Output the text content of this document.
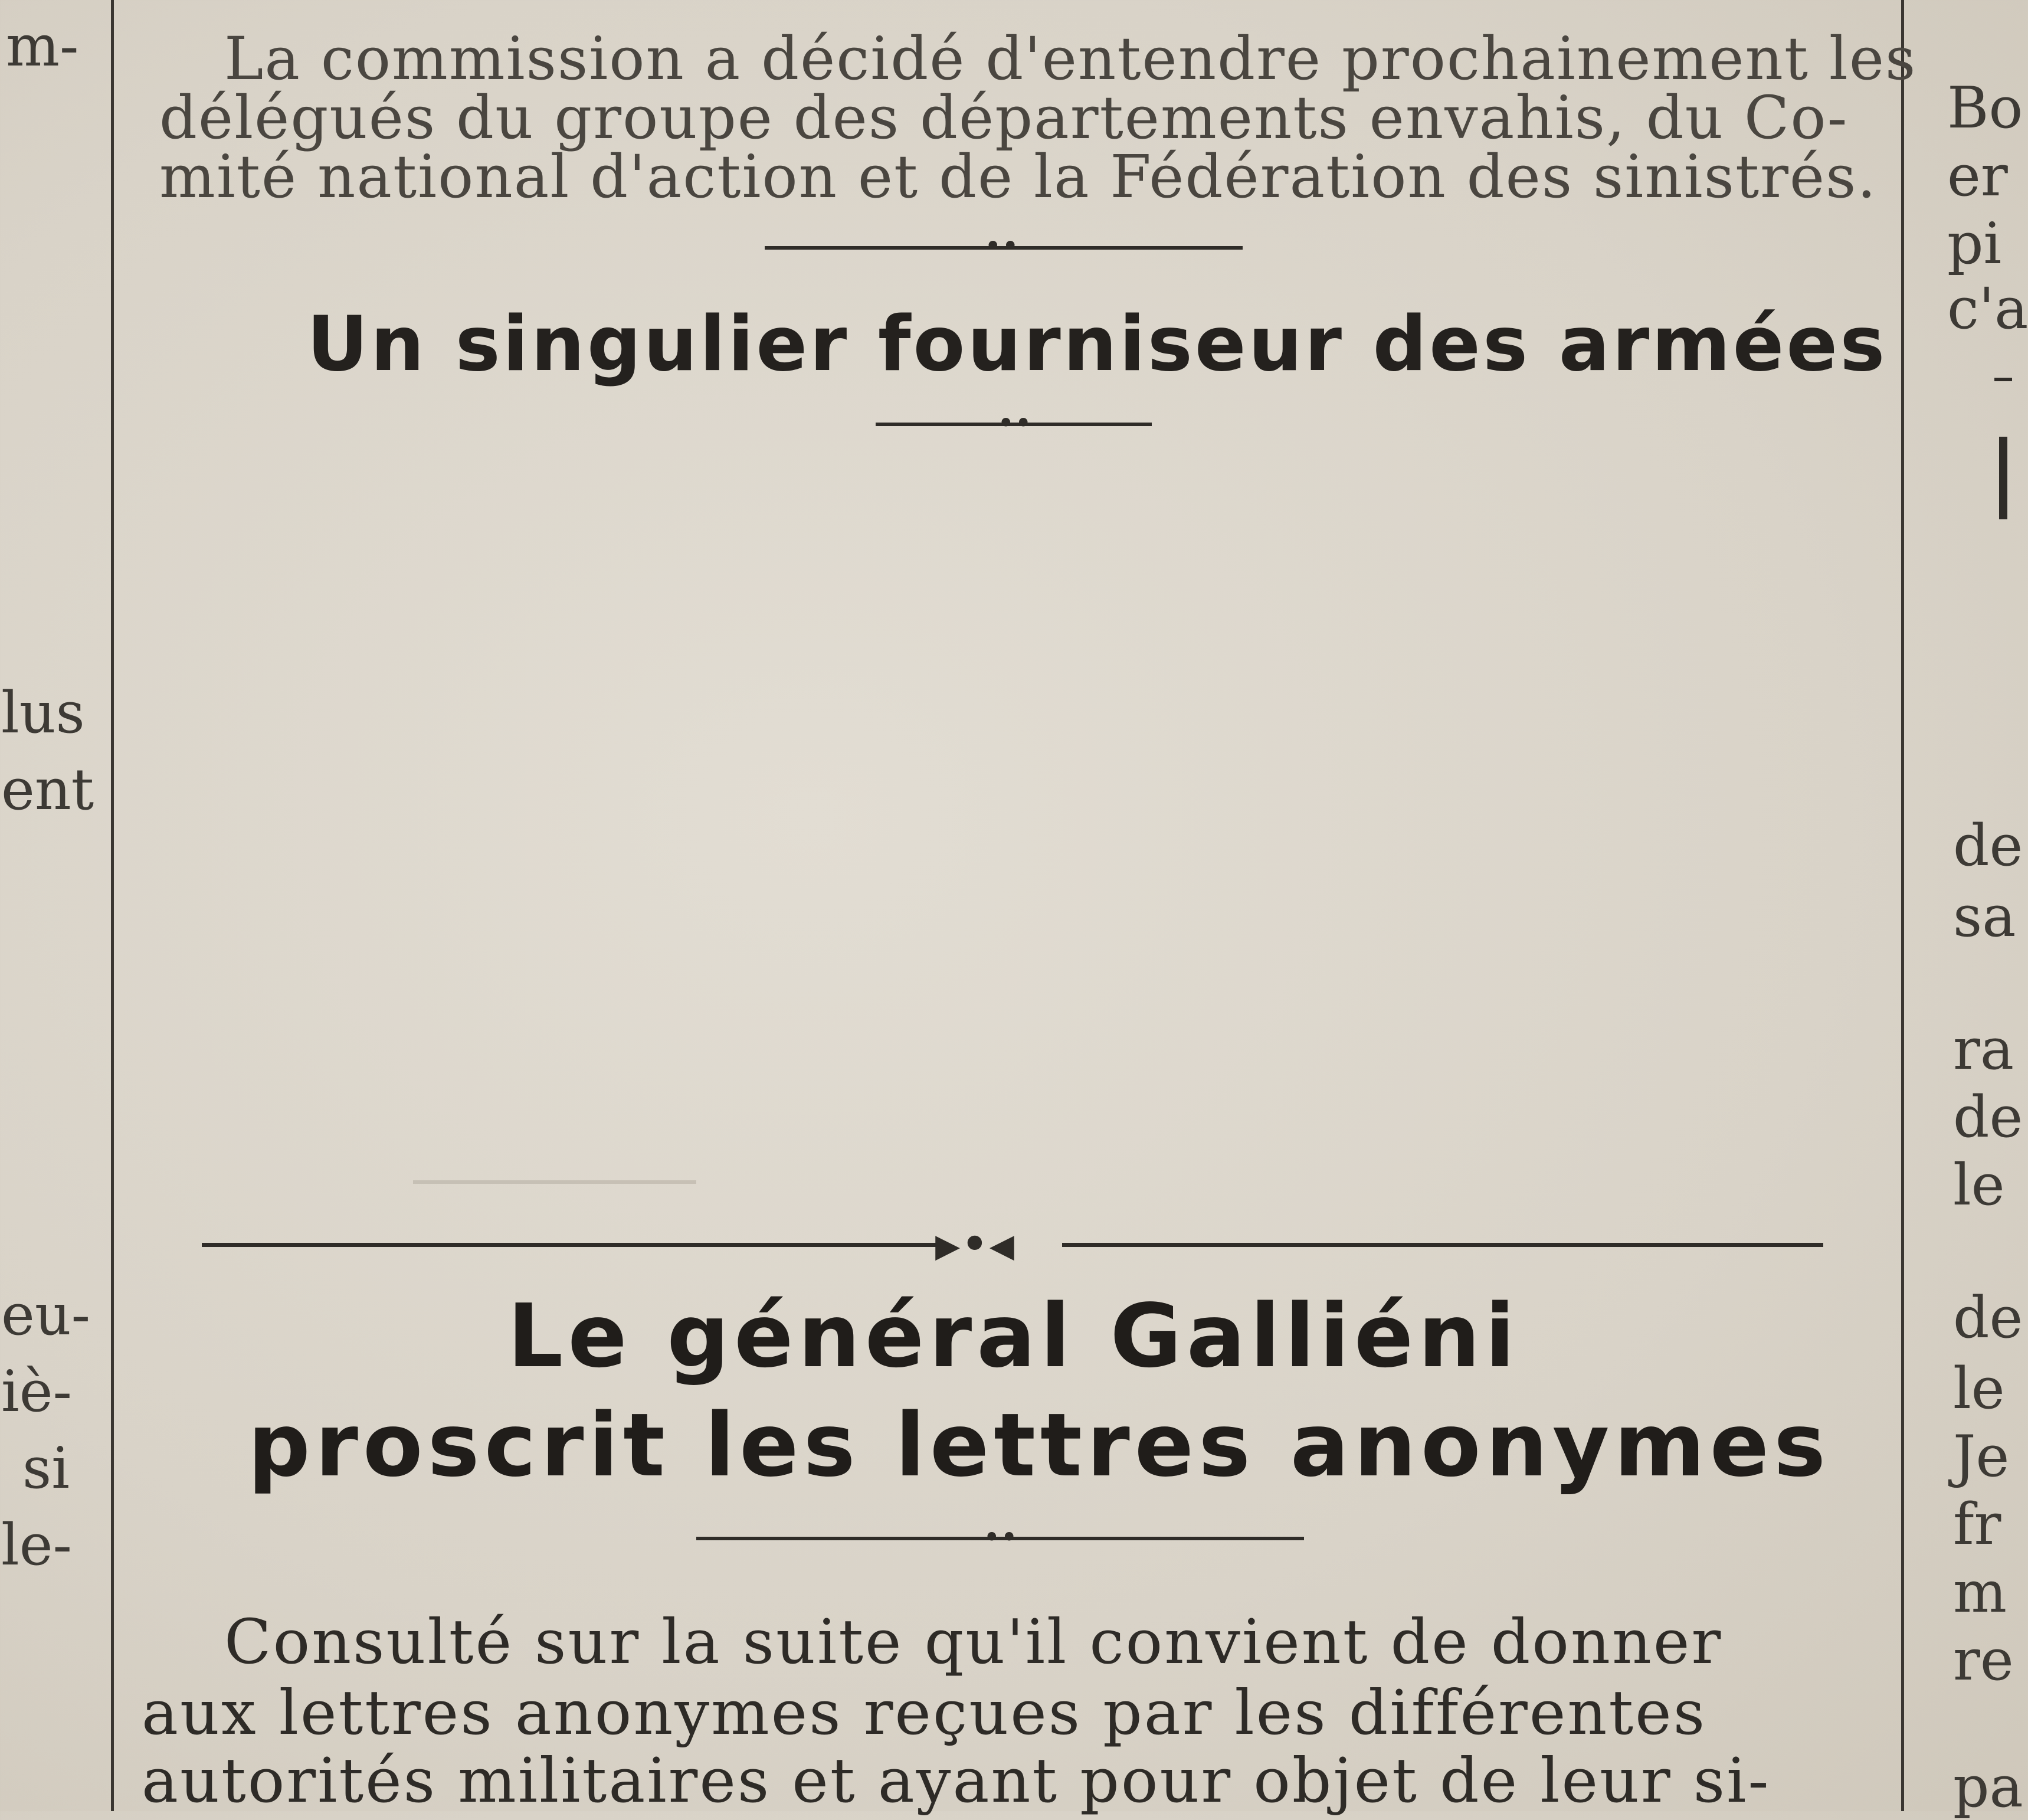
m-
lus
ent
eu-
iè-
si
le-
La commission a décidé d'entendre prochainement les
délégués du groupe des départements envahis, du Co-
mité national d'action et de la Fédération des sinistrés.
••
Un singulier fourniseur des armées
••
▸•◂
Le général Galliéni
proscrit les lettres anonymes
••
Consulté sur la suite qu'il convient de donner
aux lettres anonymes reçues par les différentes
autorités militaires et ayant pour objet de leur si-
Bo
er
pi
c'a
de
sa
ra
de
le
de
le
Je
fr
m
re
pa
